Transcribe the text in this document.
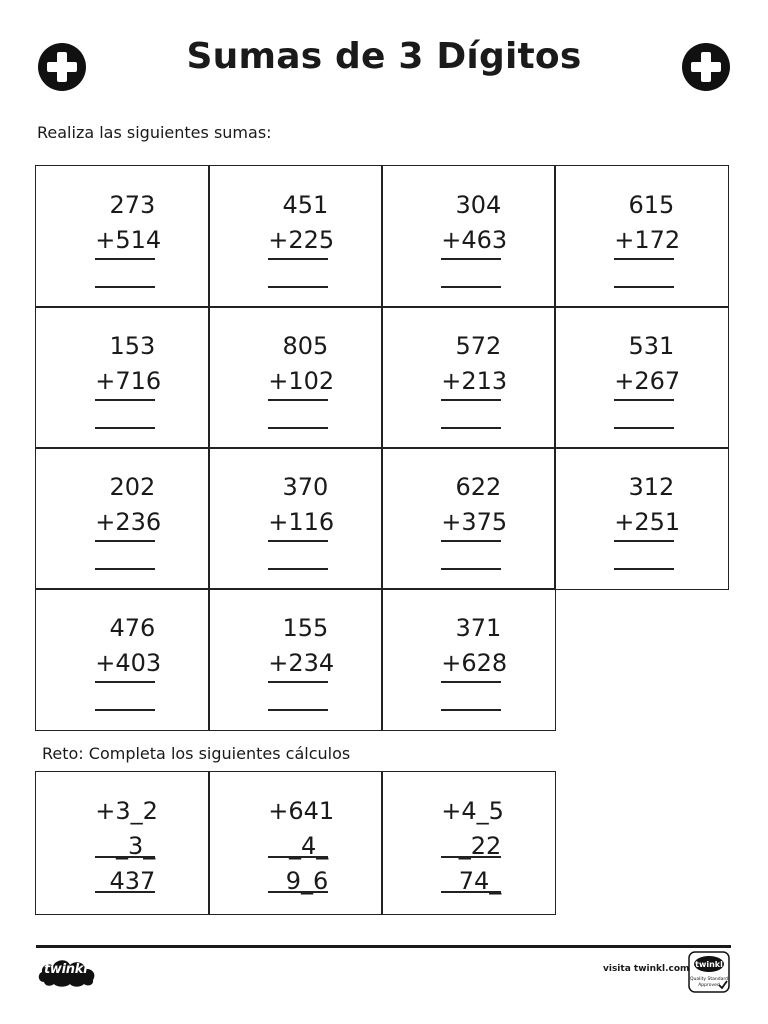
Sumas de 3 Dígitos
Realiza las siguientes sumas:
273
+514
451
+225
304
+463
615
+172
153
+716
805
+102
572
+213
531
+267
202
+236
370
+116
622
+375
312
+251
476
+403
155
+234
371
+628
Reto: Completa los siguientes cálculos
+3_2
_3_
437
+641
_4_
9_6
+4_5
_22
74_
twinkl	visita twinkl.com twinkl
Quality Standard
Approved
